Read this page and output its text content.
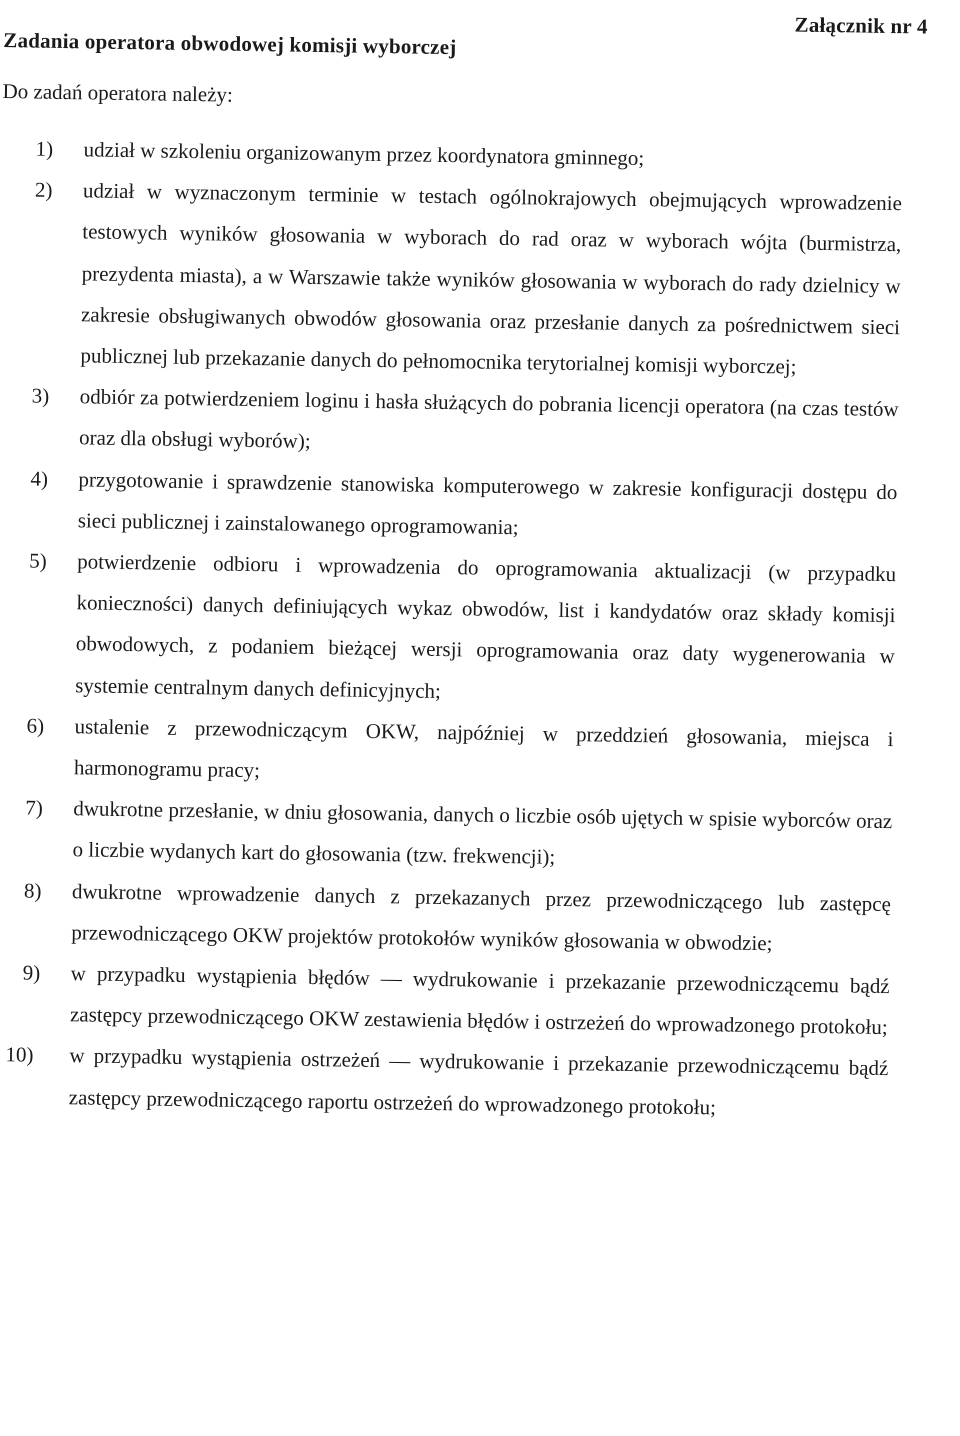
Załącznik nr 4
Zadania operatora obwodowej komisji wyborczej
Do zadań operatora należy:
1) udział w szkoleniu organizowanym przez koordynatora gminnego;
2) udział w wyznaczonym terminie w testach ogólnokrajowych obejmujących wprowadzenie testowych wyników głosowania w wyborach do rad oraz w wyborach wójta (burmistrza, prezydenta miasta), a w Warszawie także wyników głosowania w wyborach do rady dzielnicy w zakresie obsługiwanych obwodów głosowania oraz przesłanie danych za pośrednictwem sieci publicznej lub przekazanie danych do pełnomocnika terytorialnej komisji wyborczej;
3) odbiór za potwierdzeniem loginu i hasła służących do pobrania licencji operatora (na czas testów oraz dla obsługi wyborów);
4) przygotowanie i sprawdzenie stanowiska komputerowego w zakresie konfiguracji dostępu do sieci publicznej i zainstalowanego oprogramowania;
5) potwierdzenie odbioru i wprowadzenia do oprogramowania aktualizacji (w przypadku konieczności) danych definiujących wykaz obwodów, list i kandydatów oraz składy komisji obwodowych, z podaniem bieżącej wersji oprogramowania oraz daty wygenerowania w systemie centralnym danych definicyjnych;
6) ustalenie z przewodniczącym OKW, najpóźniej w przeddzień głosowania, miejsca i harmonogramu pracy;
7) dwukrotne przesłanie, w dniu głosowania, danych o liczbie osób ujętych w spisie wyborców oraz o liczbie wydanych kart do głosowania (tzw. frekwencji);
8) dwukrotne wprowadzenie danych z przekazanych przez przewodniczącego lub zastępcę przewodniczącego OKW projektów protokołów wyników głosowania w obwodzie;
9) w przypadku wystąpienia błędów — wydrukowanie i przekazanie przewodniczącemu bądź zastępcy przewodniczącego OKW zestawienia błędów i ostrzeżeń do wprowadzonego protokołu;
10) w przypadku wystąpienia ostrzeżeń — wydrukowanie i przekazanie przewodniczącemu bądź zastępcy przewodniczącego raportu ostrzeżeń do wprowadzonego protokołu;
